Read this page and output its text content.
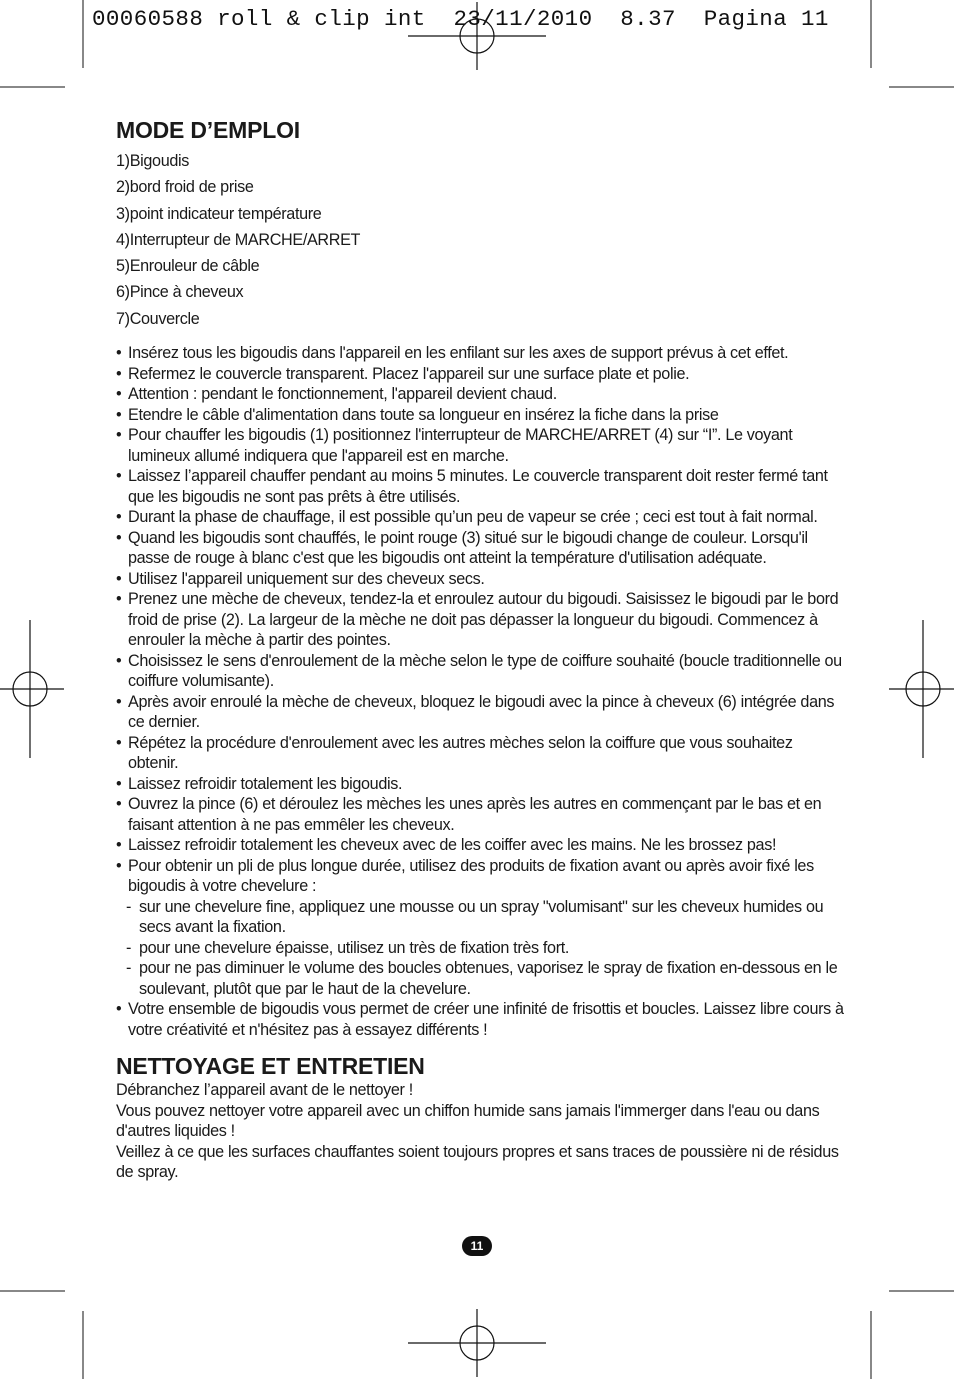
00060588 roll & clip int  23/11/2010  8.37  Pagina 11
MODE D’EMPLOI
1)Bigoudis
2)bord froid de prise
3)point indicateur température
4)Interrupteur de MARCHE/ARRET
5)Enrouleur de câble
6)Pince à cheveux
7)Couvercle
• Insérez tous les bigoudis dans l'appareil en les enfilant sur les axes de support prévus à cet effet.
• Refermez le couvercle transparent. Placez l'appareil sur une surface plate et polie.
• Attention : pendant le fonctionnement, l'appareil devient chaud.
• Etendre le câble d'alimentation dans toute sa longueur en insérez la fiche dans la prise
• Pour chauffer les bigoudis (1) positionnez l'interrupteur de MARCHE/ARRET (4) sur “I”. Le voyant lumineux allumé indiquera que l'appareil est en marche.
• Laissez l’appareil chauffer pendant au moins 5 minutes. Le couvercle transparent doit rester fermé tant que les bigoudis ne sont pas prêts à être utilisés.
• Durant la phase de chauffage, il est possible qu’un peu de vapeur se crée ; ceci est tout à fait normal.
• Quand les bigoudis sont chauffés, le point rouge (3) situé sur le bigoudi change de couleur. Lorsqu'il passe de rouge à blanc c'est que les bigoudis ont atteint la température d'utilisation adéquate.
• Utilisez l'appareil uniquement sur des cheveux secs.
• Prenez une mèche de cheveux, tendez-la et enroulez autour du bigoudi. Saisissez le bigoudi par le bord froid de prise (2). La largeur de la mèche ne doit pas dépasser la longueur du bigoudi. Commencez à enrouler la mèche à partir des pointes.
• Choisissez le sens d'enroulement de la mèche selon le type de coiffure souhaité (boucle traditionnelle ou coiffure volumisante).
• Après avoir enroulé la mèche de cheveux, bloquez le bigoudi avec la pince à cheveux (6) intégrée dans ce dernier.
• Répétez la procédure d'enroulement avec les autres mèches selon la coiffure que vous souhaitez obtenir.
• Laissez refroidir totalement les bigoudis.
• Ouvrez la pince (6) et déroulez les mèches les unes après les autres en commençant par le bas et en faisant attention à ne pas emmêler les cheveux.
• Laissez refroidir totalement les cheveux avec de les coiffer avec les mains. Ne les brossez pas!
• Pour obtenir un pli de plus longue durée, utilisez des produits de fixation avant ou après avoir fixé les bigoudis à votre chevelure :
- sur une chevelure fine, appliquez une mousse ou un spray "volumisant" sur les cheveux humides ou secs avant la fixation.
- pour une chevelure épaisse, utilisez un très de fixation très fort.
- pour ne pas diminuer le volume des boucles obtenues, vaporisez le spray de fixation en-dessous en le soulevant, plutôt que par le haut de la chevelure.
• Votre ensemble de bigoudis vous permet de créer une infinité de frisottis et boucles. Laissez libre cours à votre créativité et n'hésitez pas à essayez différents !
NETTOYAGE ET ENTRETIEN

Débranchez l’appareil avant de le nettoyer !

Vous pouvez nettoyer votre appareil avec un chiffon humide sans jamais l'immerger dans l'eau ou dans d'autres liquides !

Veillez à ce que les surfaces chauffantes soient toujours propres et sans traces de poussière ni de résidus de spray.

11
